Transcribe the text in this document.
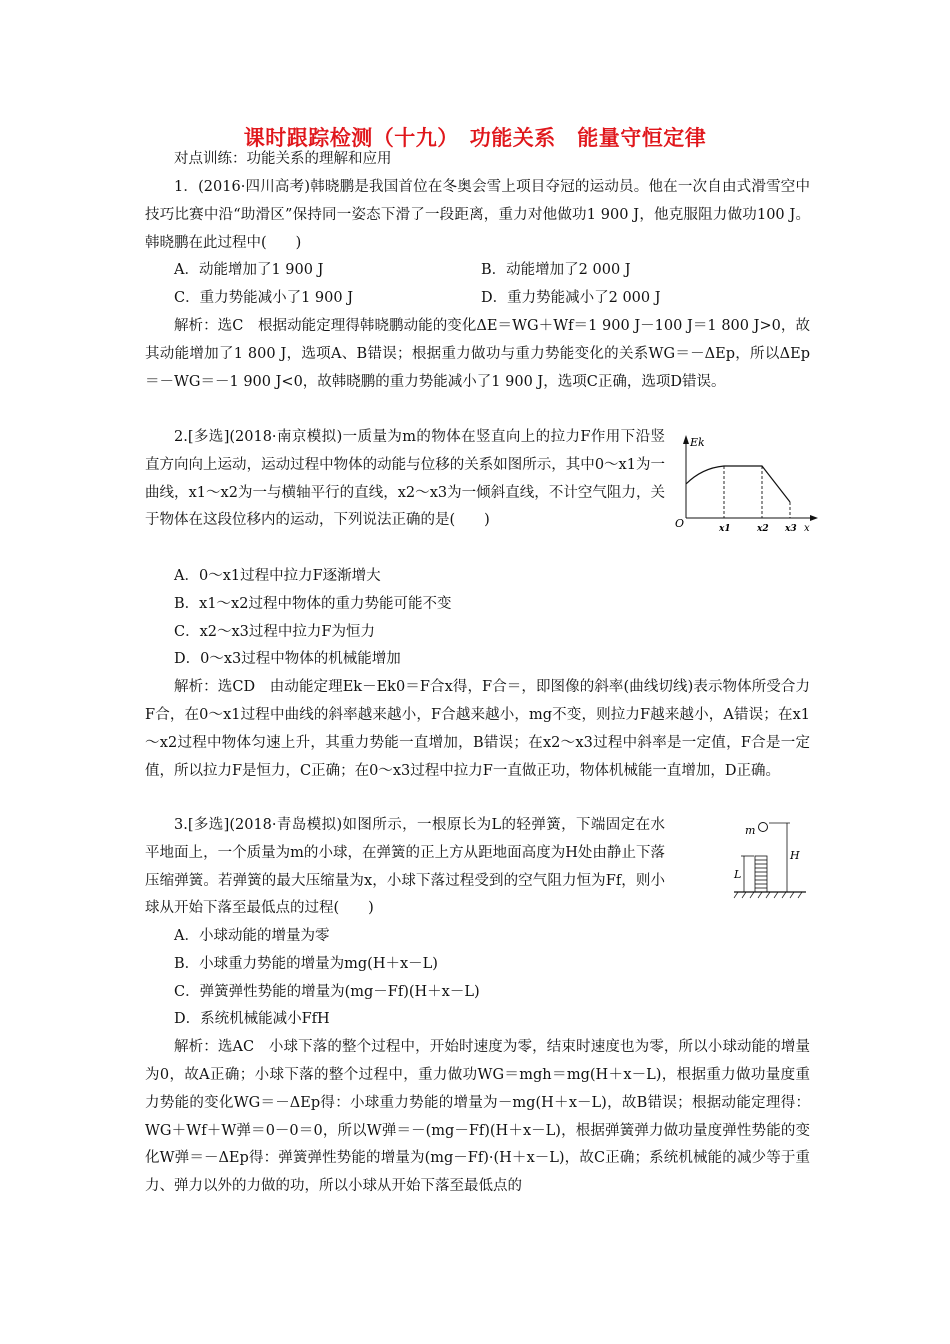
课时跟踪检测（十九）　功能关系　能量守恒定律

对点训练：功能关系的理解和应用

1．(2016·四川高考)韩晓鹏是我国首位在冬奥会雪上项目夺冠的运动员。他在一次自由式滑雪空中技巧比赛中沿“助滑区”保持同一姿态下滑了一段距离，重力对他做功1 900 J，他克服阻力做功100 J。韩晓鹏在此过程中(　　)

A．动能增加了1 900 J	B．动能增加了2 000 J
C．重力势能减小了1 900 J	D．重力势能减小了2 000 J

解析：选C　根据动能定理得韩晓鹏动能的变化ΔE＝WG＋Wf＝1 900 J－100 J＝1 800 J>0，故其动能增加了1 800 J，选项A、B错误；根据重力做功与重力势能变化的关系WG＝－ΔEp，所以ΔEp＝－WG＝－1 900 J<0，故韩晓鹏的重力势能减小了1 900 J，选项C正确，选项D错误。

2.[多选](2018·南京模拟)一质量为m的物体在竖直向上的拉力F作用下沿竖直方向向上运动，运动过程中物体的动能与位移的关系如图所示，其中0～x1为一曲线，x1～x2为一与横轴平行的直线，x2～x3为一倾斜直线，不计空气阻力，关于物体在这段位移内的运动，下列说法正确的是(　　)

Ek
O	x1	x2 x3 x

A．0～x1过程中拉力F逐渐增大

B．x1～x2过程中物体的重力势能可能不变

C．x2～x3过程中拉力F为恒力

D．0～x3过程中物体的机械能增加

解析：选CD　由动能定理Ek－Ek0＝F合x得，F合＝，即图像的斜率(曲线切线)表示物体所受合力F合，在0～x1过程中曲线的斜率越来越小，F合越来越小，mg不变，则拉力F越来越小，A错误；在x1～x2过程中物体匀速上升，其重力势能一直增加，B错误；在x2～x3过程中斜率是一定值，F合是一定值，所以拉力F是恒力，C正确；在0～x3过程中拉力F一直做正功，物体机械能一直增加，D正确。

3.[多选](2018·青岛模拟)如图所示，一根原长为L的轻弹簧，下端固定在水平地面上，一个质量为m的小球，在弹簧的正上方从距地面高度为H处由静止下落压缩弹簧。若弹簧的最大压缩量为x，小球下落过程受到的空气阻力恒为Ff，则小球从开始下落至最低点的过程(　　)

m
H
L

A．小球动能的增量为零

B．小球重力势能的增量为mg(H＋x－L)

C．弹簧弹性势能的增量为(mg－Ff)(H＋x－L)

D．系统机械能减小FfH

解析：选AC　小球下落的整个过程中，开始时速度为零，结束时速度也为零，所以小球动能的增量为0，故A正确；小球下落的整个过程中，重力做功WG＝mgh＝mg(H＋x－L)，根据重力做功量度重力势能的变化WG＝－ΔEp得：小球重力势能的增量为－mg(H＋x－L)，故B错误；根据动能定理得：WG＋Wf＋W弹＝0－0＝0，所以W弹＝－(mg－Ff)(H＋x－L)，根据弹簧弹力做功量度弹性势能的变化W弹＝－ΔEp得：弹簧弹性势能的增量为(mg－Ff)·(H＋x－L)，故C正确；系统机械能的减少等于重力、弹力以外的力做的功，所以小球从开始下落至最低点的
